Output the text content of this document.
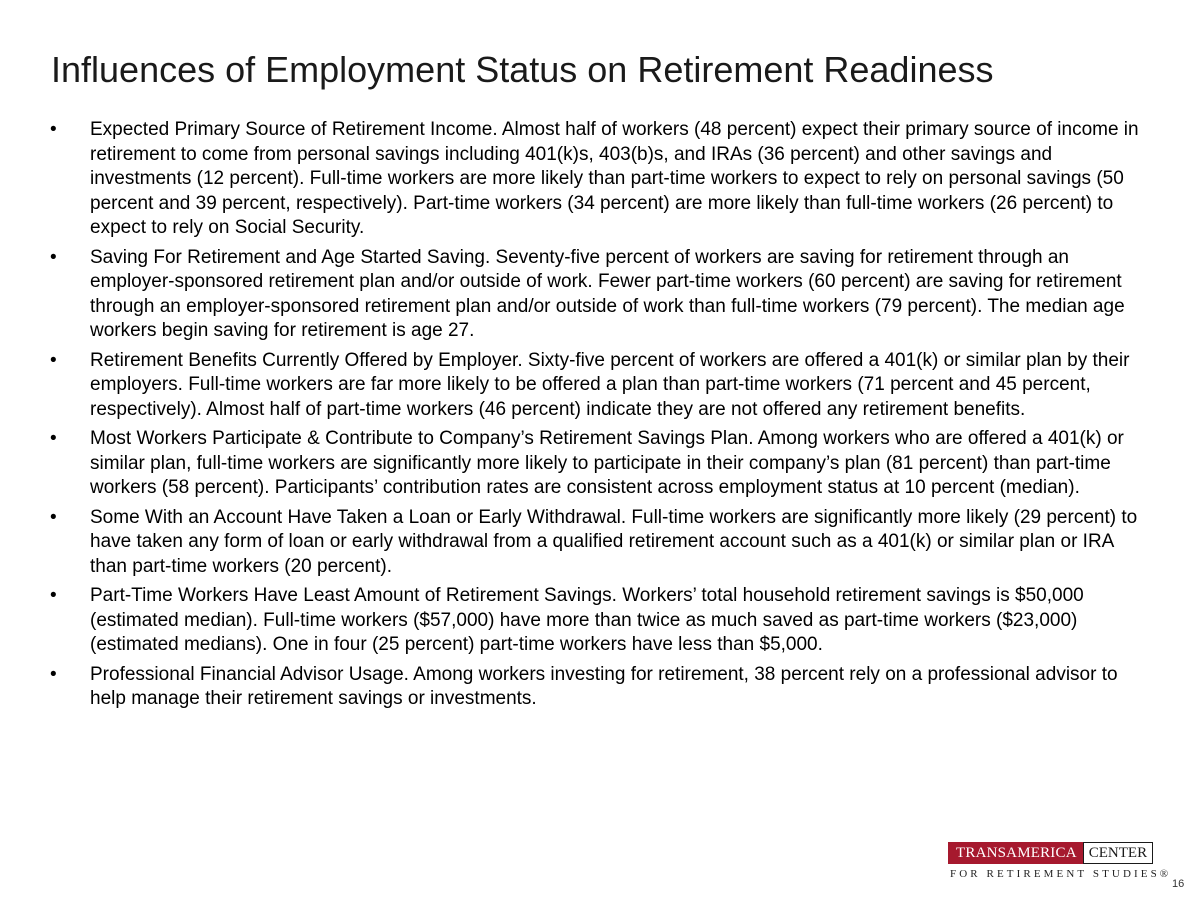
Influences of Employment Status on Retirement Readiness
•	Expected Primary Source of Retirement Income. Almost half of workers (48 percent) expect their primary source of income in retirement to come from personal savings including 401(k)s, 403(b)s, and IRAs (36 percent) and other savings and investments (12 percent). Full-time workers are more likely than part-time workers to expect to rely on personal savings (50 percent and 39 percent, respectively). Part-time workers (34 percent) are more likely than full-time workers (26 percent) to expect to rely on Social Security.
•	Saving For Retirement and Age Started Saving. Seventy-five percent of workers are saving for retirement through an employer-sponsored retirement plan and/or outside of work. Fewer part-time workers (60 percent) are saving for retirement through an employer-sponsored retirement plan and/or outside of work than full-time workers (79 percent). The median age workers begin saving for retirement is age 27.
•	Retirement Benefits Currently Offered by Employer. Sixty-five percent of workers are offered a 401(k) or similar plan by their employers. Full-time workers are far more likely to be offered a plan than part-time workers (71 percent and 45 percent, respectively). Almost half of part-time workers (46 percent) indicate they are not offered any retirement benefits.
•	Most Workers Participate & Contribute to Company’s Retirement Savings Plan. Among workers who are offered a 401(k) or similar plan, full-time workers are significantly more likely to participate in their company’s plan (81 percent) than part-time workers (58 percent). Participants’ contribution rates are consistent across employment status at 10 percent (median).
•	Some With an Account Have Taken a Loan or Early Withdrawal. Full-time workers are significantly more likely (29 percent) to have taken any form of loan or early withdrawal from a qualified retirement account such as a 401(k) or similar plan or IRA than part-time workers (20 percent).
•	Part-Time Workers Have Least Amount of Retirement Savings. Workers’ total household retirement savings is $50,000 (estimated median). Full-time workers ($57,000) have more than twice as much saved as part-time workers ($23,000) (estimated medians). One in four (25 percent) part-time workers have less than $5,000.
•	Professional Financial Advisor Usage. Among workers investing for retirement, 38 percent rely on a professional advisor to help manage their retirement savings or investments.
TRANSAMERICA CENTER
FOR RETIREMENT STUDIES®
16
